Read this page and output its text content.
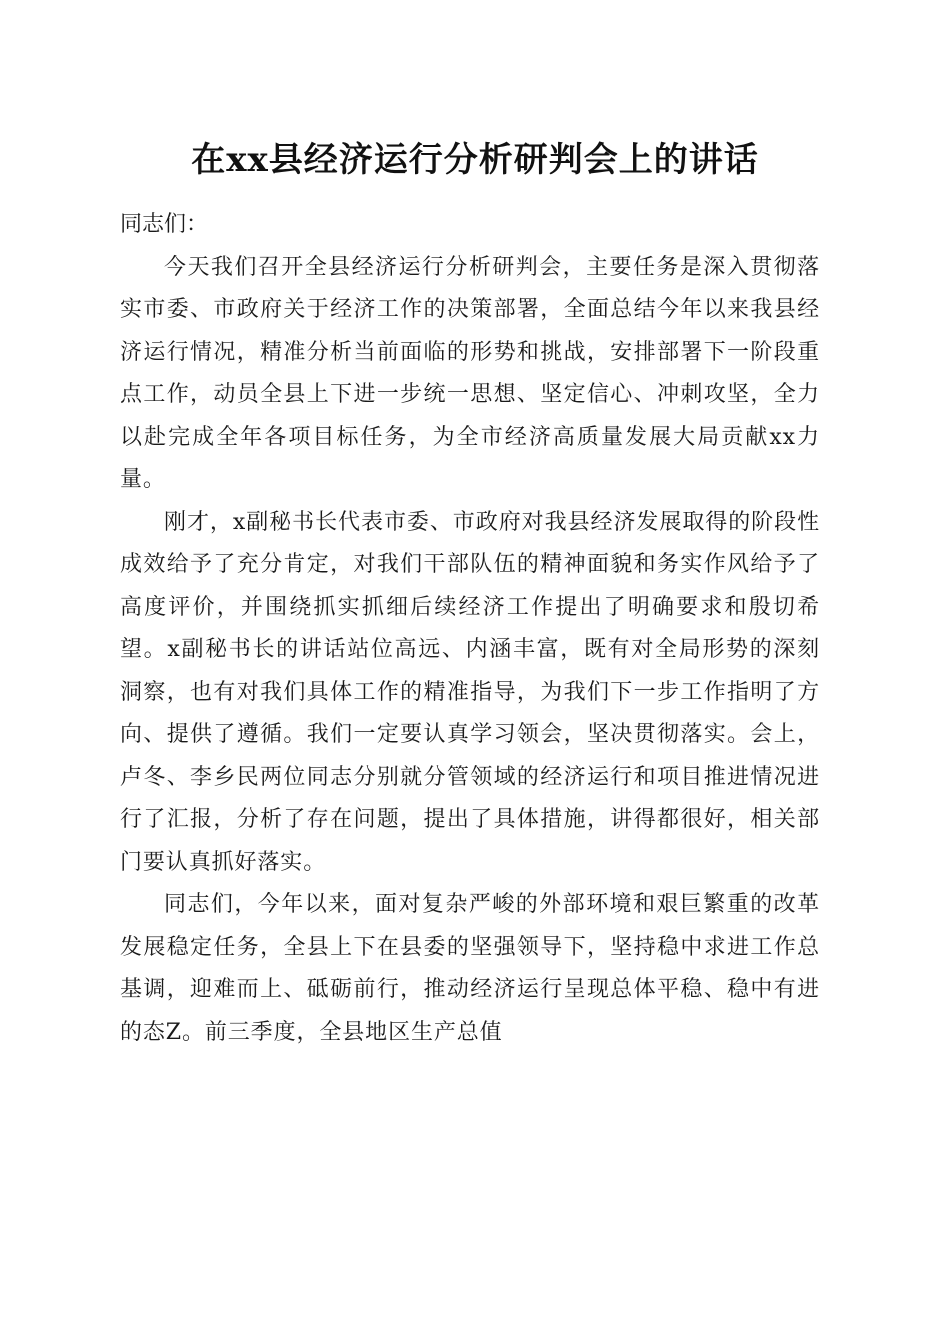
在xx县经济运行分析研判会上的讲话

同志们：

今天我们召开全县经济运行分析研判会，主要任务是深入贯彻落实市委、市政府关于经济工作的决策部署，全面总结今年以来我县经济运行情况，精准分析当前面临的形势和挑战，安排部署下一阶段重点工作，动员全县上下进一步统一思想、坚定信心、冲刺攻坚，全力以赴完成全年各项目标任务，为全市经济高质量发展大局贡献xx力量。

刚才，x副秘书长代表市委、市政府对我县经济发展取得的阶段性成效给予了充分肯定，对我们干部队伍的精神面貌和务实作风给予了高度评价，并围绕抓实抓细后续经济工作提出了明确要求和殷切希望。x副秘书长的讲话站位高远、内涵丰富，既有对全局形势的深刻洞察，也有对我们具体工作的精准指导，为我们下一步工作指明了方向、提供了遵循。我们一定要认真学习领会，坚决贯彻落实。会上，卢冬、李乡民两位同志分别就分管领域的经济运行和项目推进情况进行了汇报，分析了存在问题，提出了具体措施，讲得都很好，相关部门要认真抓好落实。

同志们，今年以来，面对复杂严峻的外部环境和艰巨繁重的改革发展稳定任务，全县上下在县委的坚强领导下，坚持稳中求进工作总基调，迎难而上、砥砺前行，推动经济运行呈现总体平稳、稳中有进的态Z。前三季度，全县地区生产总值
